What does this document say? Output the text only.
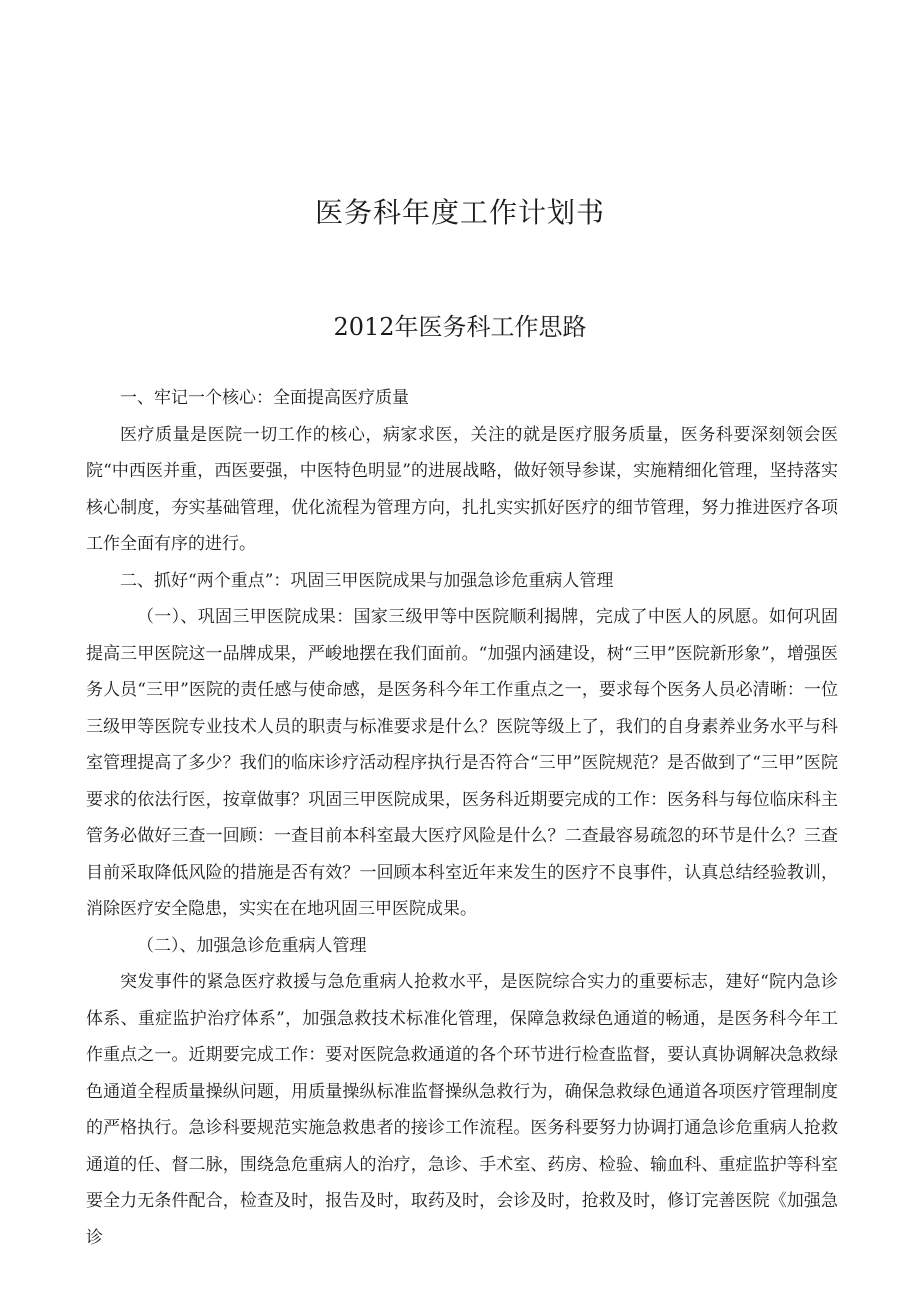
医务科年度工作计划书
2012年医务科工作思路

一、牢记一个核心：全面提高医疗质量

医疗质量是医院一切工作的核心，病家求医，关注的就是医疗服务质量，医务科要深刻领会医院“中西医并重，西医要强，中医特色明显”的进展战略，做好领导参谋，实施精细化管理，坚持落实核心制度，夯实基础管理，优化流程为管理方向，扎扎实实抓好医疗的细节管理，努力推进医疗各项工作全面有序的进行。

二、抓好“两个重点”：巩固三甲医院成果与加强急诊危重病人管理

（一）、巩固三甲医院成果：国家三级甲等中医院顺利揭牌，完成了中医人的夙愿。如何巩固提高三甲医院这一品牌成果，严峻地摆在我们面前。“加强内涵建设，树“三甲”医院新形象”，增强医务人员“三甲”医院的责任感与使命感，是医务科今年工作重点之一，要求每个医务人员必清晰：一位三级甲等医院专业技术人员的职责与标准要求是什么？医院等级上了，我们的自身素养业务水平与科室管理提高了多少？我们的临床诊疗活动程序执行是否符合“三甲”医院规范？是否做到了“三甲”医院要求的依法行医，按章做事？巩固三甲医院成果，医务科近期要完成的工作：医务科与每位临床科主管务必做好三查一回顾：一查目前本科室最大医疗风险是什么？二查最容易疏忽的环节是什么？三查目前采取降低风险的措施是否有效？一回顾本科室近年来发生的医疗不良事件，认真总结经验教训，消除医疗安全隐患，实实在在地巩固三甲医院成果。

（二）、加强急诊危重病人管理

突发事件的紧急医疗救援与急危重病人抢救水平，是医院综合实力的重要标志，建好“院内急诊体系、重症监护治疗体系”，加强急救技术标准化管理，保障急救绿色通道的畅通，是医务科今年工作重点之一。近期要完成工作：要对医院急救通道的各个环节进行检查监督，要认真协调解决急救绿色通道全程质量操纵问题，用质量操纵标准监督操纵急救行为，确保急救绿色通道各项医疗管理制度的严格执行。急诊科要规范实施急救患者的接诊工作流程。医务科要努力协调打通急诊危重病人抢救通道的任、督二脉，围绕急危重病人的治疗，急诊、手术室、药房、检验、输血科、重症监护等科室要全力无条件配合，检查及时，报告及时，取药及时，会诊及时，抢救及时，修订完善医院《加强急诊
